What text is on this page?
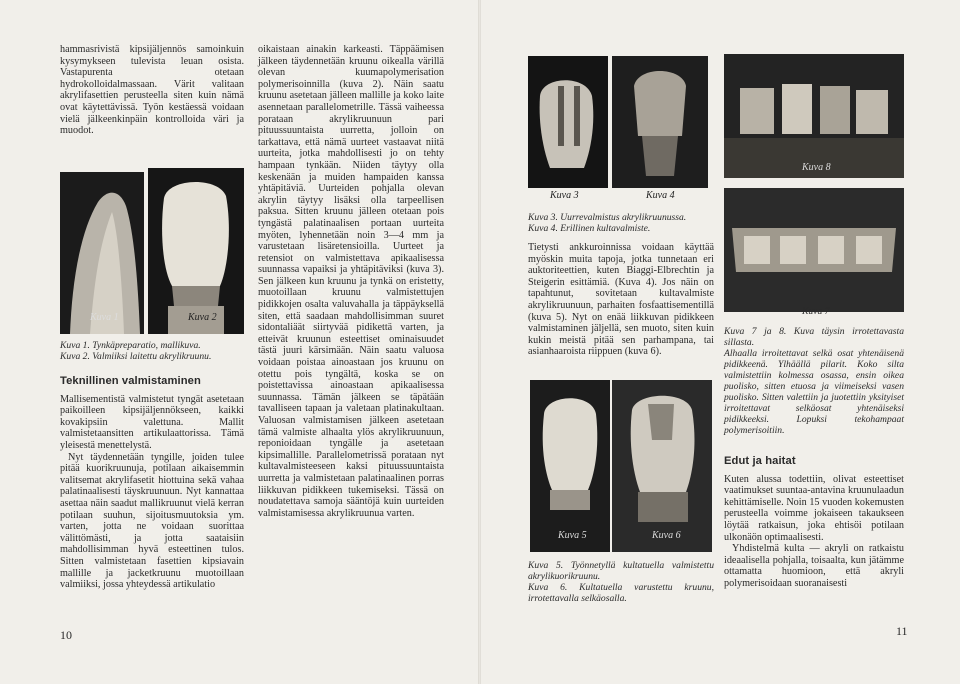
hammasrivistä kipsijäljennös samoinkuin kysymykseen tulevista leuan osista. Vastapurenta otetaan hydrokolloidalmassaan. Värit valitaan akrylifasettien perusteella siten kuin nämä ovat käytettävissä. Työn kestäessä voidaan vielä jälkeenkinpäin kontrolloida väri ja muodot.

Kuva 1	Kuva 2
Kuva 1. Tynkäpreparatio, mallikuva.
Kuva 2. Valmiiksi laitettu akrylikruunu.
Teknillinen valmistaminen

Mallisementistä valmistetut tyngät asetetaan paikoilleen kipsijäljennökseen, kaikki kovakipsiin valettuna. Mallit valmistetaansitten artikulaattorissa. Tämä yleisestä menettelystä.

Nyt täydennetään tyngille, joiden tulee pitää kuorikruunuja, potilaan aikaisemmin valitsemat akrylifasetit hiottuina sekä vahaa palatinaalisesti täyskruunuun. Nyt kannattaa asettaa näin saadut mallikruunut vielä kerran potilaan suuhun, sijoitusmuutoksia ym. varten, jotta ne voidaan suorittaa välittömästi, ja jotta saataisiin mahdollisimman hyvä esteettinen tulos. Sitten valmistetaan fasettien kipsiavain mallille ja jacketkruunu muotoillaan valmiiksi, jossa yhteydessä artikulatio

10

oikaistaan ainakin karkeasti. Täppäämisen jälkeen täydennetään kruunu oikealla värillä olevan kuumapolymerisation polymerisoinnilla (kuva 2). Näin saatu kruunu asetetaan jälleen mallille ja koko laite asennetaan parallelometrille. Tässä vaiheessa porataan akrylikruunuun pari pituussuuntaista uurretta, jolloin on tarkattava, että nämä uurteet vastaavat niitä uurteita, jotka mahdollisesti jo on tehty hampaan tynkään. Niiden täytyy olla keskenään ja muiden hampaiden kanssa yhtäpitäviä. Uurteiden pohjalla olevan akrylin täytyy lisäksi olla tarpeellisen paksua. Sitten kruunu jälleen otetaan pois tyngästä palatinaalisen portaan uurteita myöten, lyhennetään noin 3—4 mm ja varustetaan lisäretensioilla. Uurteet ja retensiot on valmistettava apikaalisessa suunnassa vapaiksi ja yhtäpitäviksi (kuva 3). Sen jälkeen kun kruunu ja tynkä on eristetty, muotoillaan kruunu valmistettujen pidikkojen osalta valuvahalla ja täppäyksellä siten, että saadaan mahdollisimman suuret sidontaliäät siirtyvää pidikettä varten, ja etteivät kruunun esteettiset ominaisuudet tästä juuri kärsimään. Näin saatu valuosa voidaan poistaa ainoastaan jos kruunu on otettu pois tyngältä, koska se on poistettavissa ainoastaan apikaalisessa suunnassa. Tämän jälkeen se täpätään tavalliseen tapaan ja valetaan platinakultaan. Valuosan valmistamisen jälkeen asetetaan tämä valmiste alhaalta ylös akrylikruunuun, reponioidaan tyngälle ja asetetaan kipsimallille. Parallelometrissä porataan nyt kultavalmisteeseen kaksi pituussuuntaista uurretta ja valmistetaan palatinaalinen porras liikkuvan pidikkeen tukemiseksi. Tässä on noudatettava samoja sääntöjä kuin uurteiden valmistamisessa akrylikruunua varten.

Kuva 5	Kuva 6
Kuva 5. Työnnetyllä kultatuella valmistettu akrylikuorikruunu.
Kuva 6. Kultatuella varustettu kruunu, irrotettavalla selkäosalla.
Kuva 3	Kuva 4
Kuva 3. Uurrevalmistus akrylikruunussa.
Kuva 4. Erillinen kultavalmiste.

Tietysti ankkuroinnissa voidaan käyttää myöskin muita tapoja, jotka tunnetaan eri auktoriteettien, kuten Biaggi-Elbrechtin ja Steigerin esittämiä. (Kuva 4). Jos näin on tapahtunut, sovitetaan kultavalmiste akrylikruunuun, parhaiten fosfaattisementillä (kuva 5). Nyt on enää liikkuvan pidikkeen valmistaminen jäljellä, sen muoto, siten kuin kukin meistä pitää sen parhampana, tai asianhaaroista riippuen (kuva 6).

Kuva 8
Kuva 7
Kuva 7 ja 8. Kuva täysin irrotettavasta sillasta.
Alhaalla irroitettavat selkä osat yhtenäisenä pidikkeenä. Ylhäällä pilarit. Koko silta valmistettiin kolmessa osassa, ensin oikea puolisko, sitten etuosa ja viimeiseksi vasen puolisko. Sitten valettiin ja juotettiin yksityiset irroitettavat selkäosat yhtenäiseksi pidikkeeksi. Lopuksi tekohampaat polymerisoitiin.
Edut ja haitat

Kuten alussa todettiin, olivat esteettiset vaatimukset suuntaa-antavina kruunulaadun kehittämiselle. Noin 15 vuoden kokemusten perusteella voimme jokaiseen takaukseen löytää ratkaisun, joka ehtisöi potilaan ulkonäön optimaalisesti.

Yhdistelmä kulta — akryli on ratkaistu ideaalisella pohjalla, toisaalta, kun jätämme ottamatta huomioon, että akryli polymerisoidaan suoranaisesti

11
